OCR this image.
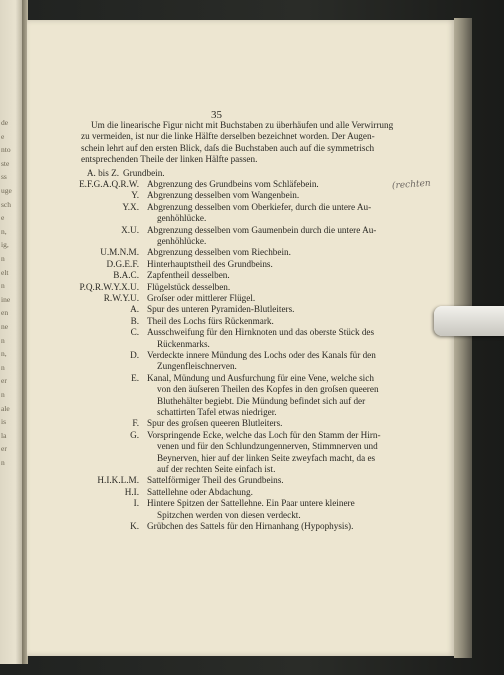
de
e
nto
ste
ss
uge
sch
e
n,
ig,
n
elt
n
ine
en
ne
n
n,
n
er
n
ale
is
la
er
n
35
Um die linearische Figur nicht mit Buchstaben zu überhäufen und alle Verwirrung
zu vermeiden, ist nur die linke Hälfte derselben bezeichnet worden. Der Augen-
schein lehrt auf den ersten Blick, daſs die Buchstaben auch auf die symmetrisch
entsprechenden Theile der linken Hälfte passen.
A. bis Z. Grundbein.
E.F.G.A.Q.R.W. Abgrenzung des Grundbeins vom Schläfebein.
Y. Abgrenzung desselben vom Wangenbein.
Y.X. Abgrenzung desselben vom Oberkiefer, durch die untere Au-
genhöhlücke.
X.U. Abgrenzung desselben vom Gaumenbein durch die untere Au-
genhöhlücke.
U.M.N.M. Abgrenzung desselben vom Riechbein.
D.G.E.F. Hinterhauptstheil des Grundbeins.
B.A.C. Zapfentheil desselben.
P.Q.R.W.Y.X.U. Flügelstück desselben.
R.W.Y.U. Groſser oder mittlerer Flügel.
A. Spur des unteren Pyramiden-Blutleiters.
B. Theil des Lochs fürs Rückenmark.
C. Ausschweifung für den Hirnknoten und das oberste Stück des
Rückenmarks.
D. Verdeckte innere Mündung des Lochs oder des Kanals für den
Zungenfleischnerven.
E. Kanal, Mündung und Ausfurchung für eine Vene, welche sich
von den äuſseren Theilen des Kopfes in den groſsen queeren
Bluthehälter begiebt. Die Mündung befindet sich auf der
schattirten Tafel etwas niedriger.
F. Spur des groſsen queeren Blutleiters.
G. Vorspringende Ecke, welche das Loch für den Stamm der Hirn-
venen und für den Schlundzungennerven, Stimmnerven und
Beynerven, hier auf der linken Seite zweyfach macht, da es
auf der rechten Seite einfach ist.
H.I.K.L.M. Sattelförmiger Theil des Grundbeins.
H.I. Sattellehne oder Abdachung.
I. Hintere Spitzen der Sattellehne. Ein Paar untere kleinere
Spitzchen werden von diesen verdeckt.
K. Grübchen des Sattels für den Hirnanhang (Hypophysis).
(rechten
